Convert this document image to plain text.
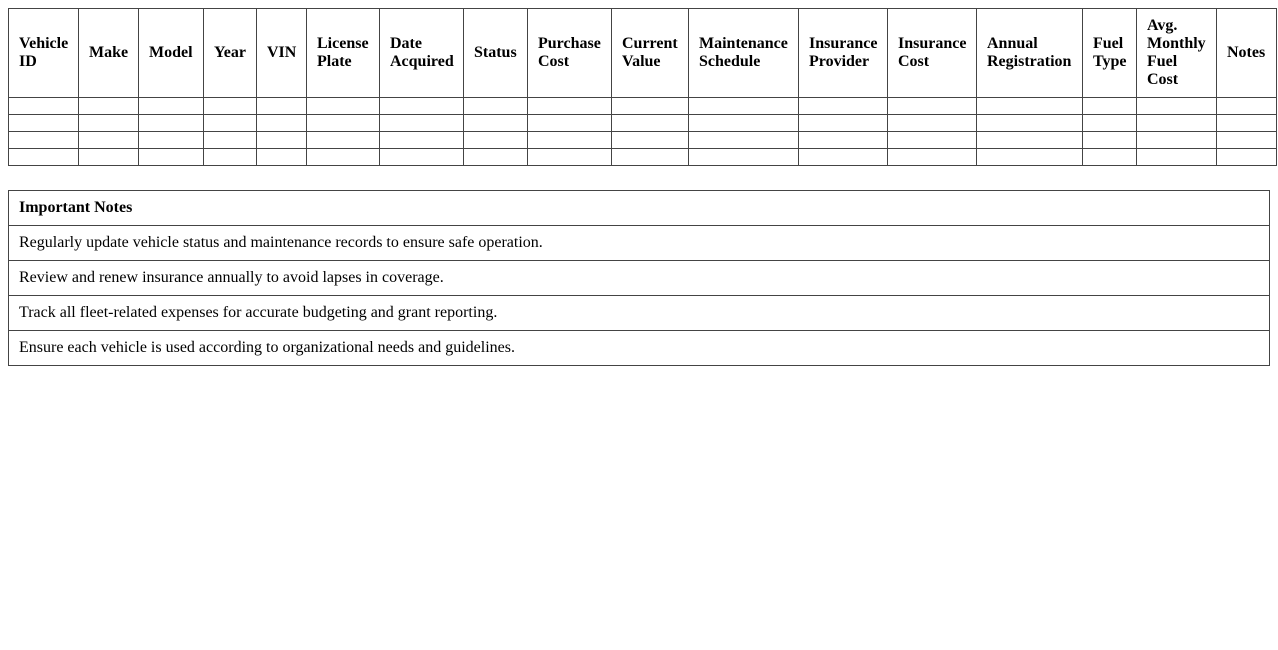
Vehicle ID	Make	Model	Year	VIN	License Plate	Date Acquired	Status	Purchase Cost	Current Value	Maintenance Schedule	Insurance Provider	Insurance Cost	Annual Registration	Fuel Type	Avg. Monthly Fuel Cost	Notes

Important Notes
Regularly update vehicle status and maintenance records to ensure safe operation.
Review and renew insurance annually to avoid lapses in coverage.
Track all fleet-related expenses for accurate budgeting and grant reporting.
Ensure each vehicle is used according to organizational needs and guidelines.
